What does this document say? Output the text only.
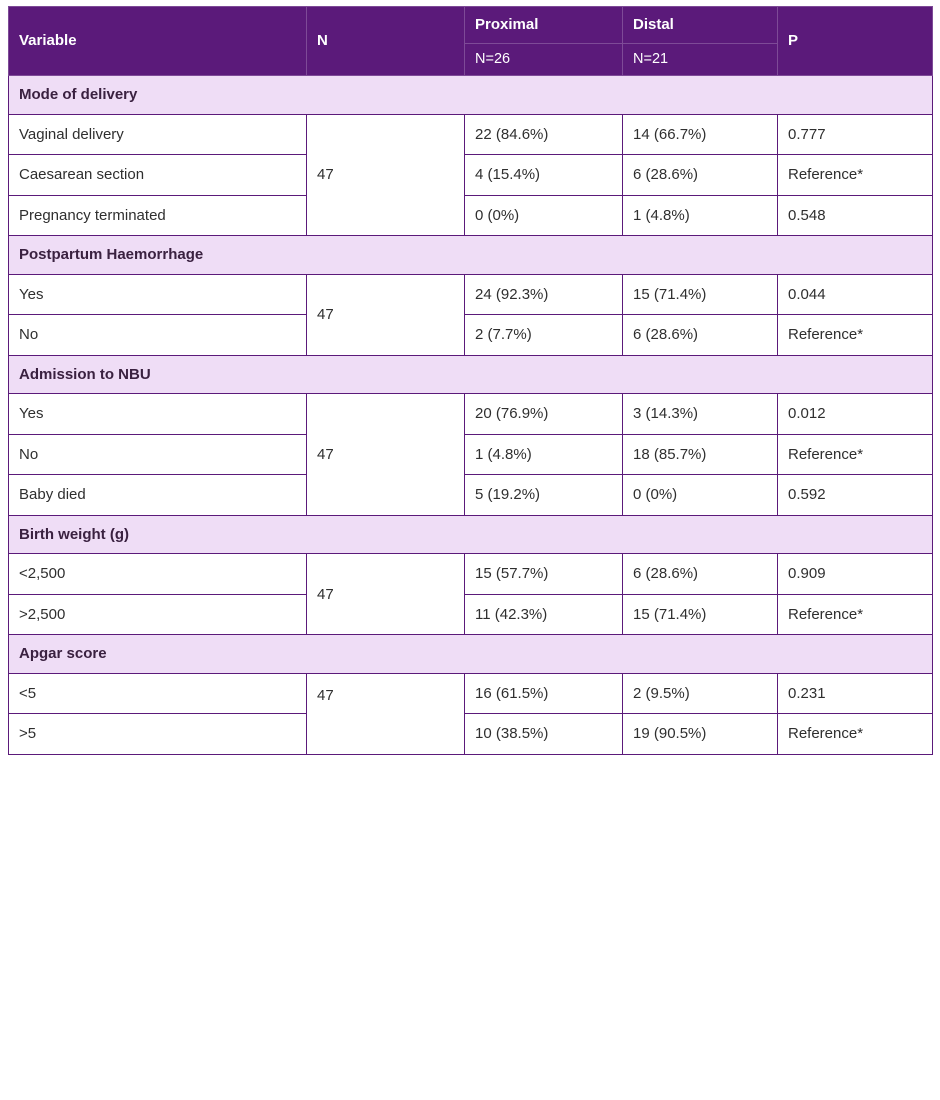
Variable	N	Proximal	Distal	P
		N=26	N=21	
Mode of delivery				
Vaginal delivery	47	22 (84.6%)	14 (66.7%)	0.777
Caesarean section		4 (15.4%)	6 (28.6%)	Reference*
Pregnancy terminated		0 (0%)	1 (4.8%)	0.548
Postpartum Haemorrhage				
Yes	47	24 (92.3%)	15 (71.4%)	0.044
No		2 (7.7%)	6 (28.6%)	Reference*
Admission to NBU				
Yes	47	20 (76.9%)	3 (14.3%)	0.012
No		1 (4.8%)	18 (85.7%)	Reference*
Baby died		5 (19.2%)	0 (0%)	0.592
Birth weight (g)				
<2,500	47	15 (57.7%)	6 (28.6%)	0.909
>2,500		11 (42.3%)	15 (71.4%)	Reference*
Apgar score				
<5	47	16 (61.5%)	2 (9.5%)	0.231
>5		10 (38.5%)	19 (90.5%)	Reference*
